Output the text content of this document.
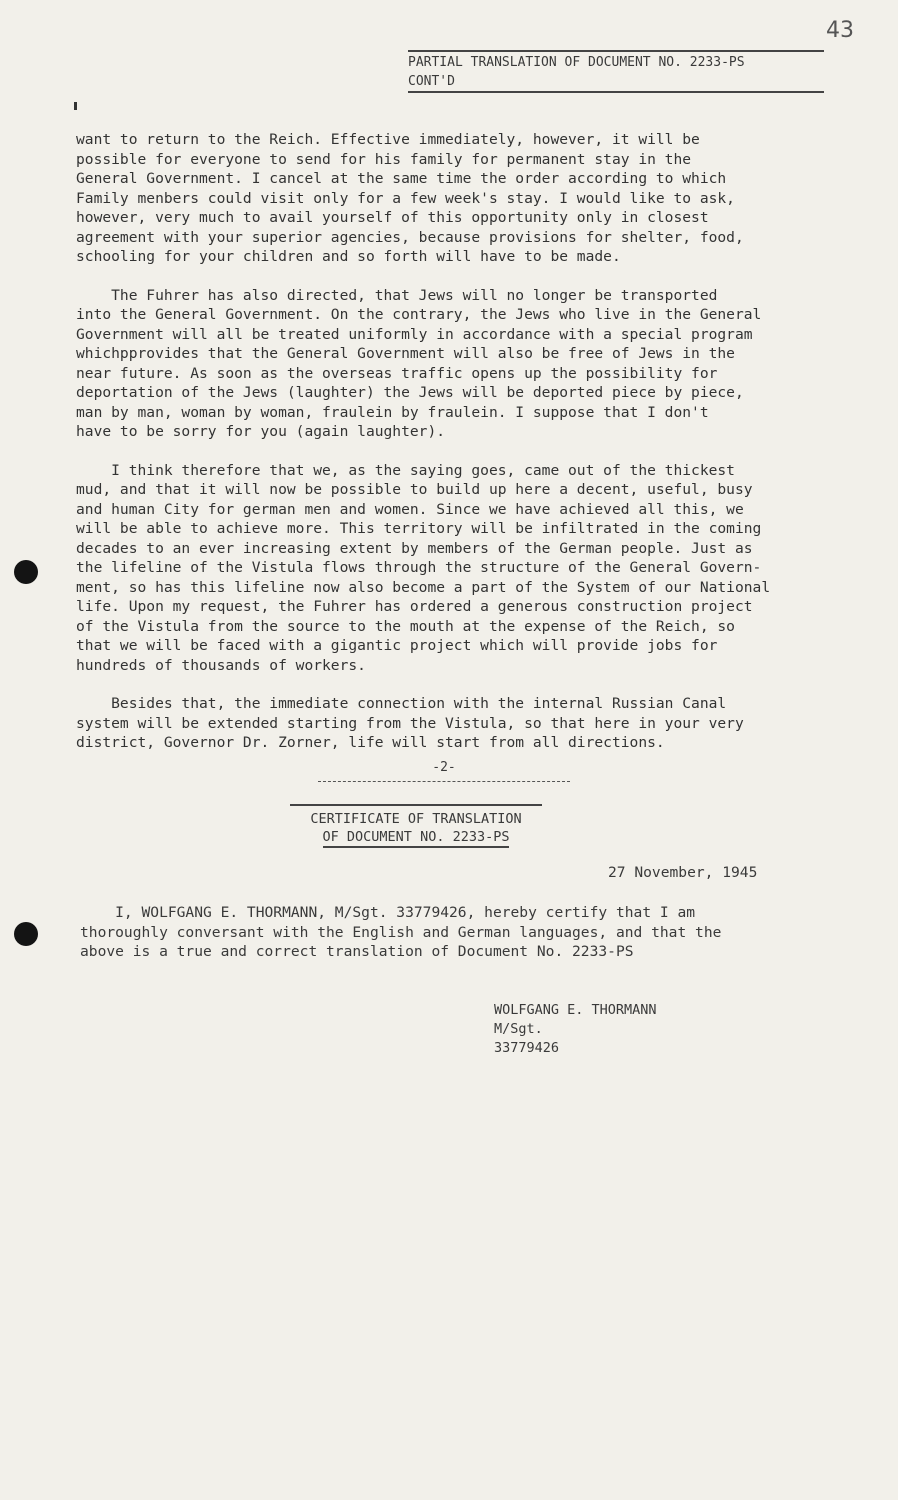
43
PARTIAL TRANSLATION OF DOCUMENT NO. 2233-PS
CONT'D

want to return to the Reich. Effective immediately, however, it will be
possible for everyone to send for his family for permanent stay in the
General Government. I cancel at the same time the order according to which
Family menbers could visit only for a few week's stay. I would like to ask,
however, very much to avail yourself of this opportunity only in closest
agreement with your superior agencies, because provisions for shelter, food,
schooling for your children and so forth will have to be made.

The Fuhrer has also directed, that Jews will no longer be transported
into the General Government. On the contrary, the Jews who live in the General
Government will all be treated uniformly in accordance with a special program
whichpprovides that the General Government will also be free of Jews in the
near future. As soon as the overseas traffic opens up the possibility for
deportation of the Jews (laughter) the Jews will be deported piece by piece,
man by man, woman by woman, fraulein by fraulein. I suppose that I don't
have to be sorry for you (again laughter).

I think therefore that we, as the saying goes, came out of the thickest
mud, and that it will now be possible to build up here a decent, useful, busy
and human City for german men and women. Since we have achieved all this, we
will be able to achieve more. This territory will be infiltrated in the coming
decades to an ever increasing extent by members of the German people. Just as
the lifeline of the Vistula flows through the structure of the General Govern-
ment, so has this lifeline now also become a part of the System of our National
life. Upon my request, the Fuhrer has ordered a generous construction project
of the Vistula from the source to the mouth at the expense of the Reich, so
that we will be faced with a gigantic project which will provide jobs for
hundreds of thousands of workers.

Besides that, the immediate connection with the internal Russian Canal
system will be extended starting from the Vistula, so that here in your very
district, Governor Dr. Zorner, life will start from all directions.

-2-
CERTIFICATE OF TRANSLATION
OF DOCUMENT NO. 2233-PS
27 November, 1945
I, WOLFGANG E. THORMANN, M/Sgt. 33779426, hereby certify that I am
thoroughly conversant with the English and German languages, and that the
above is a true and correct translation of Document No. 2233-PS
WOLFGANG E. THORMANN
M/Sgt.
33779426
